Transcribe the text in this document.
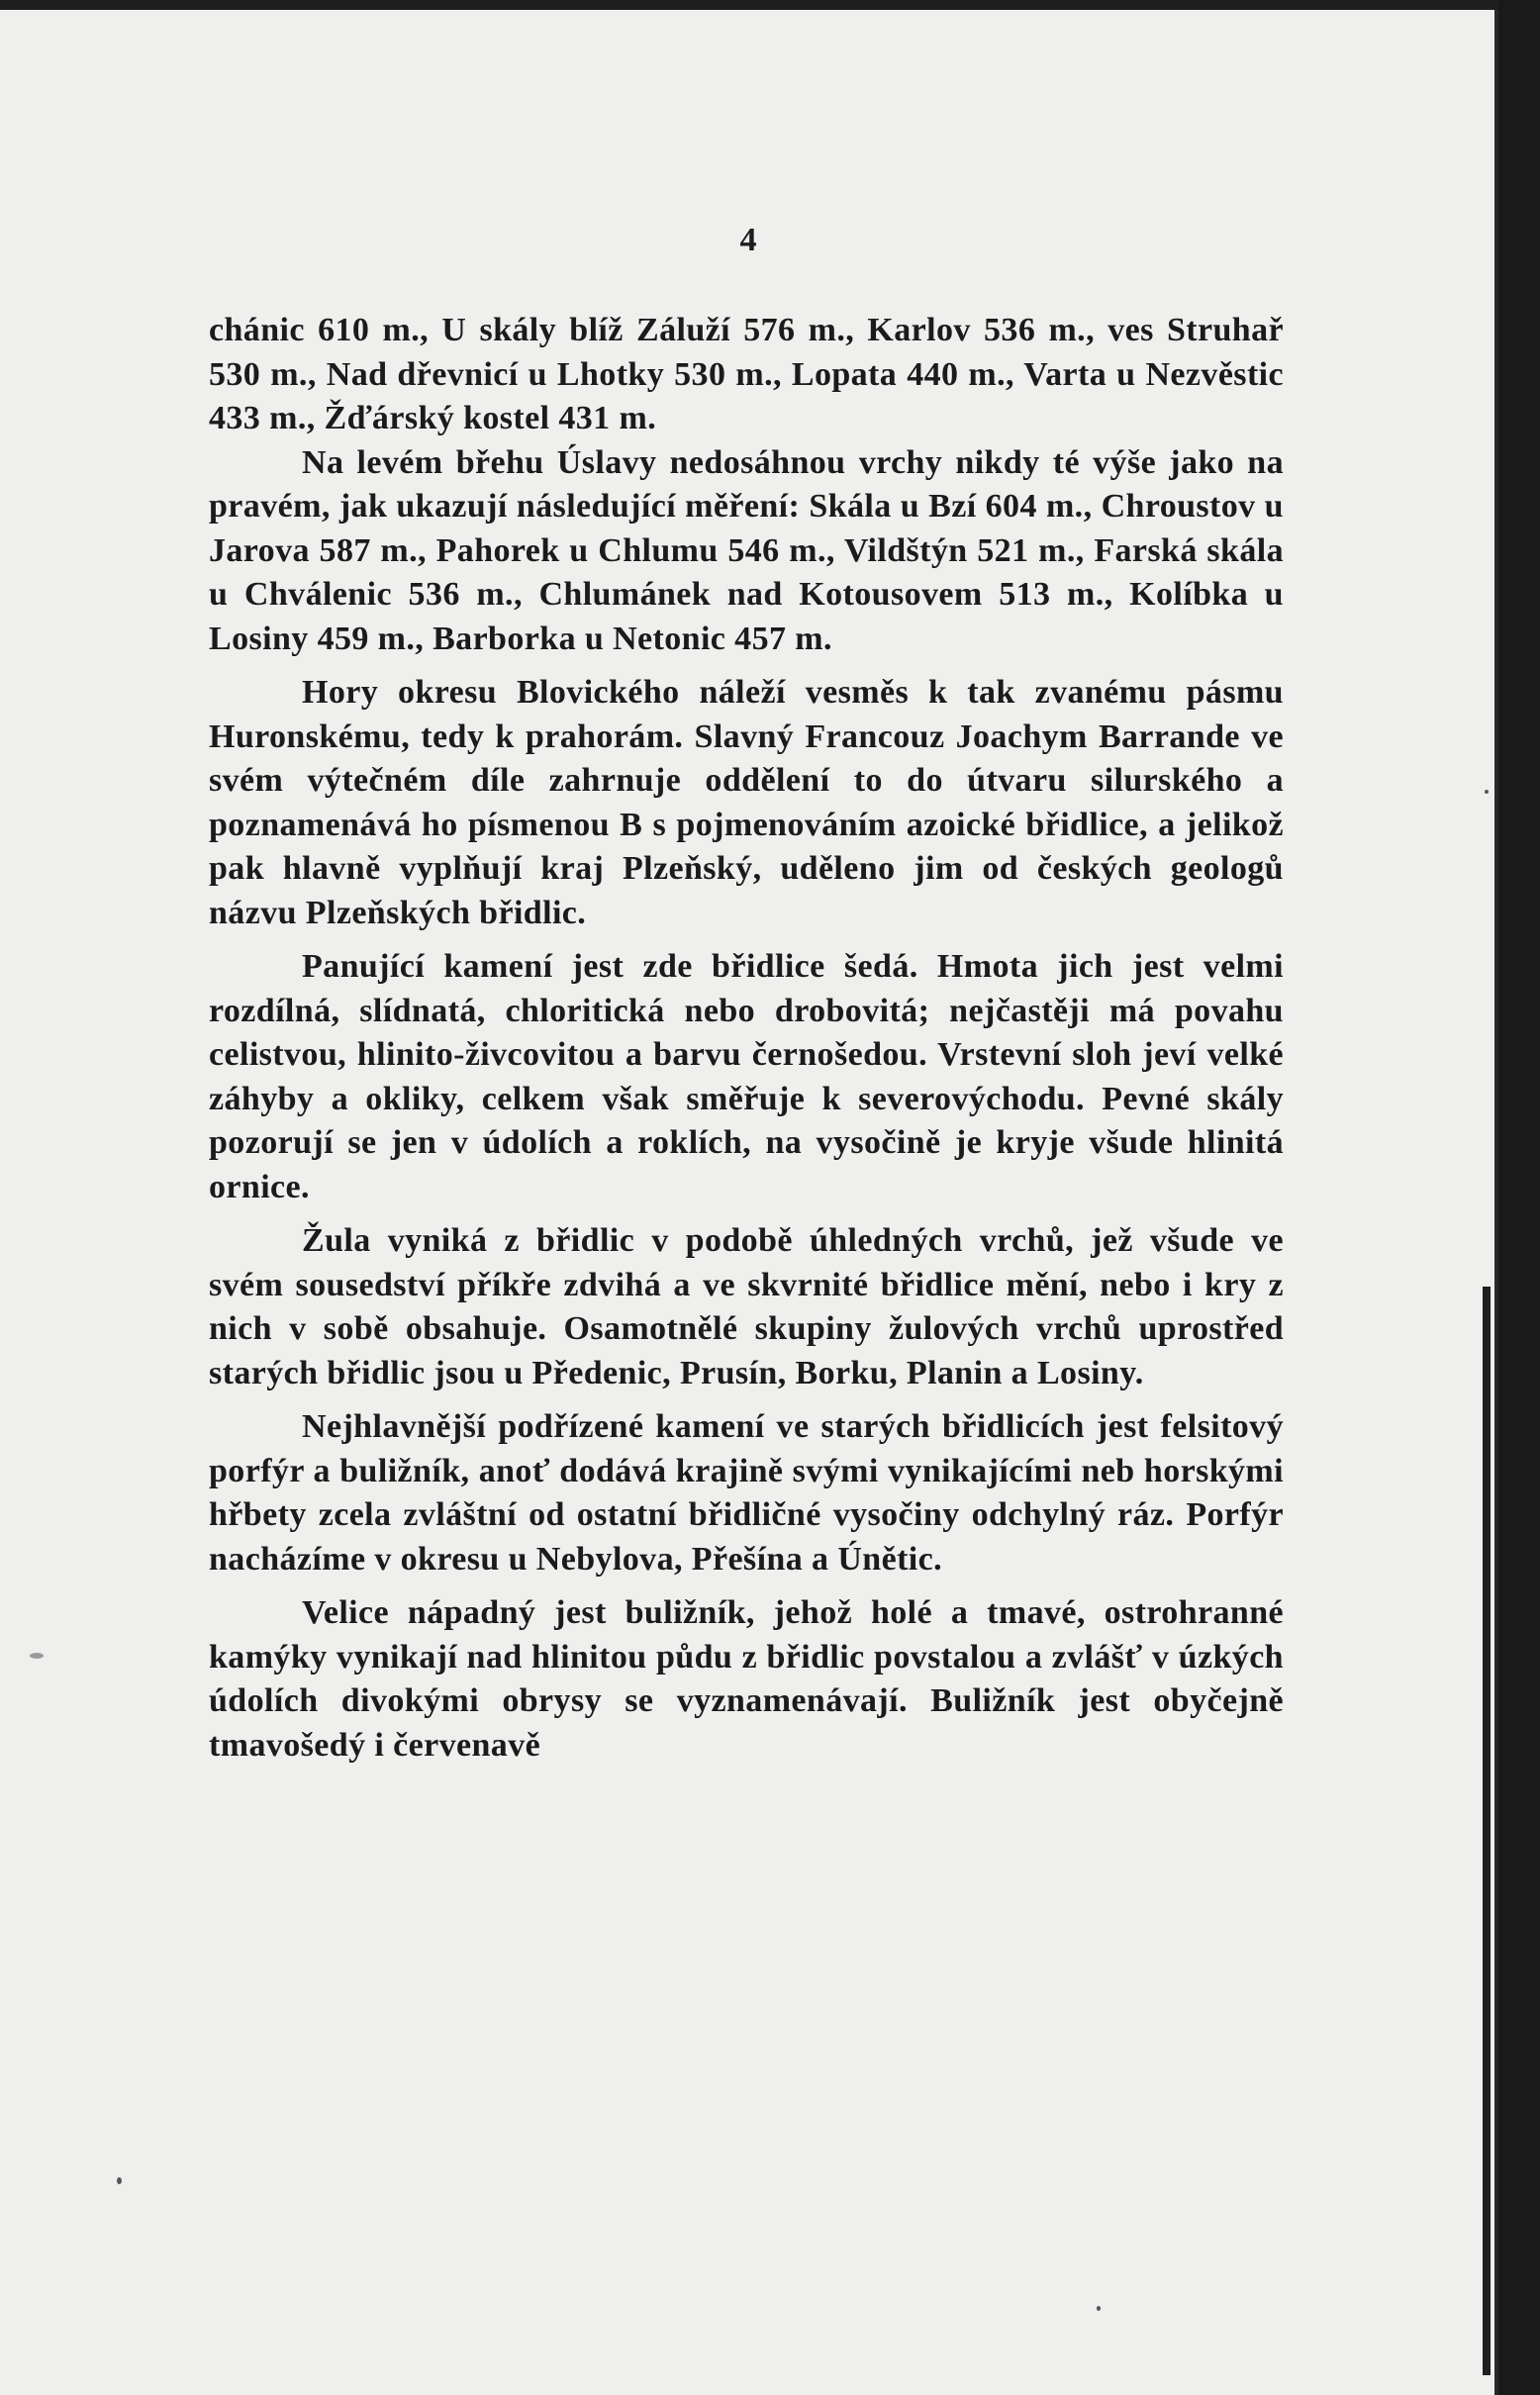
4

chánic 610 m., U skály blíž Záluží 576 m., Karlov 536 m., ves Struhař 530 m., Nad dřevnicí u Lhotky 530 m., Lopata 440 m., Varta u Nezvěstic 433 m., Žďárský kostel 431 m.

Na levém břehu Úslavy nedosáhnou vrchy nikdy té výše jako na pravém, jak ukazují následující měření: Skála u Bzí 604 m., Chroustov u Jarova 587 m., Pahorek u Chlumu 546 m., Vildštýn 521 m., Farská skála u Chválenic 536 m., Chlumánek nad Kotousovem 513 m., Kolíbka u Losiny 459 m., Barborka u Netonic 457 m.

Hory okresu Blovického náleží vesměs k tak zvanému pásmu Huronskému, tedy k prahorám. Slavný Francouz Joachym Barrande ve svém výtečném díle zahrnuje oddělení to do útvaru silurského a poznamenává ho písmenou B s pojmenováním azoické břidlice, a jelikož pak hlavně vyplňují kraj Plzeňský, uděleno jim od českých geologů názvu Plzeňských břidlic.

Panující kamení jest zde břidlice šedá. Hmota jich jest velmi rozdílná, slídnatá, chloritická nebo drobovitá; nejčastěji má povahu celistvou, hlinito-živcovitou a barvu černošedou. Vrstevní sloh jeví velké záhyby a okliky, celkem však směřuje k severovýchodu. Pevné skály pozorují se jen v údolích a roklích, na vysočině je kryje všude hlinitá ornice.

Žula vyniká z břidlic v podobě úhledných vrchů, jež všude ve svém sousedství příkře zdvihá a ve skvrnité břidlice mění, nebo i kry z nich v sobě obsahuje. Osamotnělé skupiny žulových vrchů uprostřed starých břidlic jsou u Předenic, Prusín, Borku, Planin a Losiny.

Nejhlavnější podřízené kamení ve starých břidlicích jest felsitový porfýr a buližník, anoť dodává krajině svými vynikajícími neb horskými hřbety zcela zvláštní od ostatní břidličné vysočiny odchylný ráz. Porfýr nacházíme v okresu u Nebylova, Přešína a Únětic.

Velice nápadný jest buližník, jehož holé a tmavé, ostrohranné kamýky vynikají nad hlinitou půdu z břidlic povstalou a zvlášť v úzkých údolích divokými obrysy se vyznamenávají. Buližník jest obyčejně tmavošedý i červenavě
